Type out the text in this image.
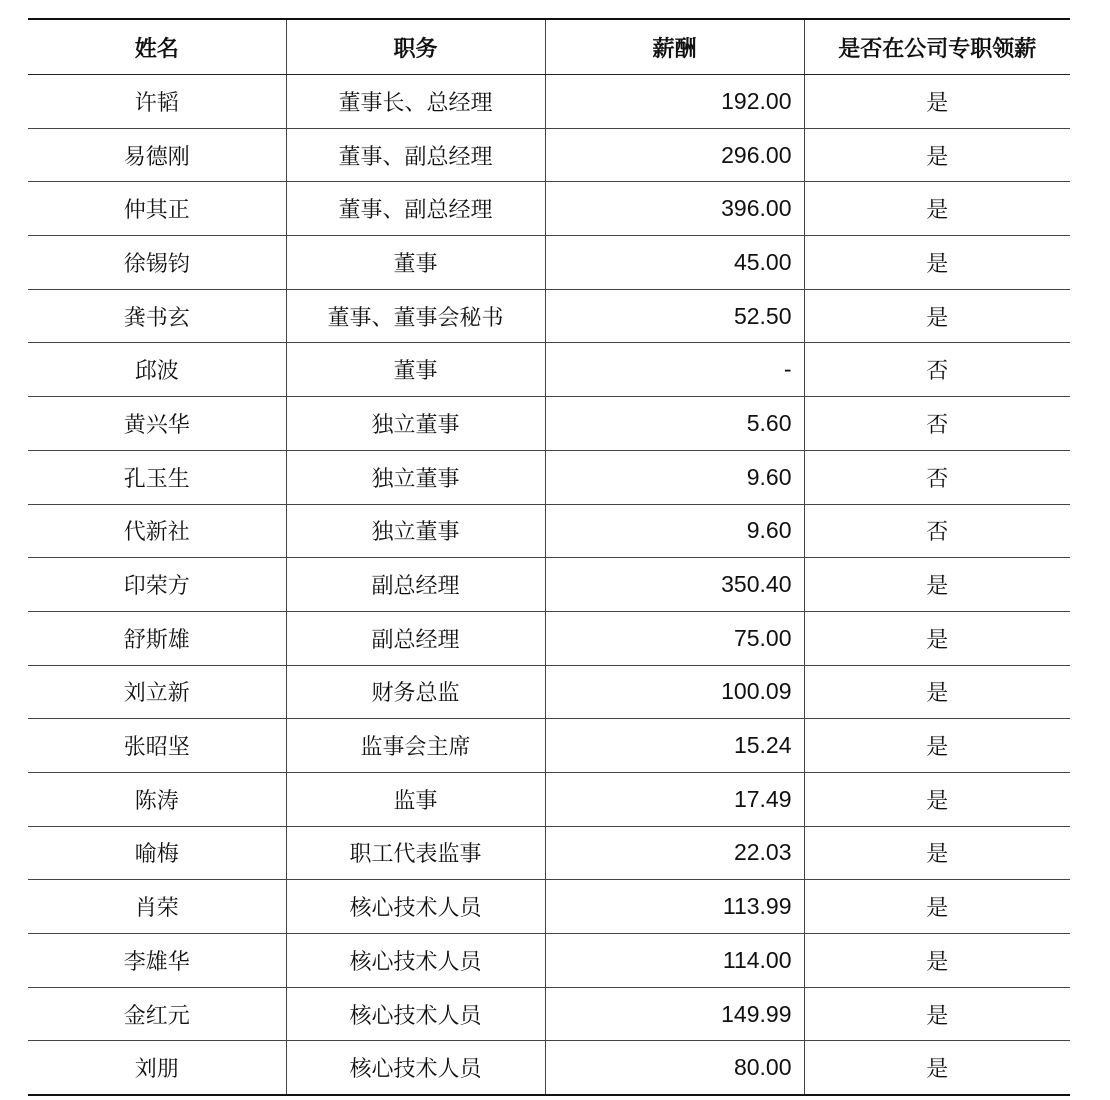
姓名	职务	薪酬	是否在公司专职领薪
许韬	董事长、总经理	192.00	是
易德刚	董事、副总经理	296.00	是
仲其正	董事、副总经理	396.00	是
徐锡钧	董事	45.00	是
龚书玄	董事、董事会秘书	52.50	是
邱波	董事	-	否
黄兴华	独立董事	5.60	否
孔玉生	独立董事	9.60	否
代新社	独立董事	9.60	否
印荣方	副总经理	350.40	是
舒斯雄	副总经理	75.00	是
刘立新	财务总监	100.09	是
张昭坚	监事会主席	15.24	是
陈涛	监事	17.49	是
喻梅	职工代表监事	22.03	是
肖荣	核心技术人员	113.99	是
李雄华	核心技术人员	114.00	是
金红元	核心技术人员	149.99	是
刘朋	核心技术人员	80.00	是
